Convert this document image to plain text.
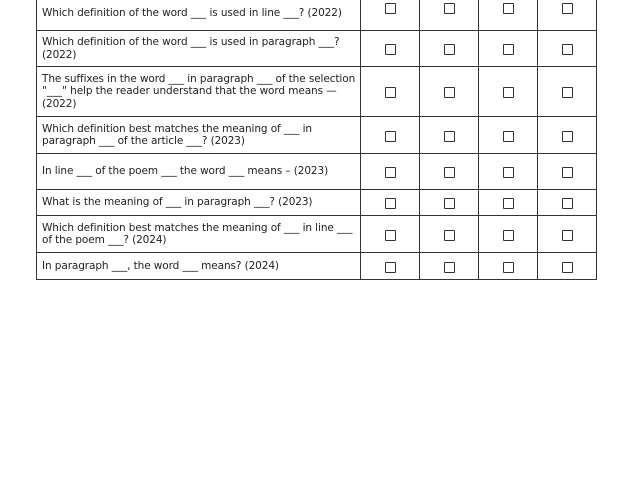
Which definition of the word ___ is used in line ___? (2022)				
Which definition of the word ___ is used in paragraph ___? (2022)				
The suffixes in the word ___ in paragraph ___ of the selection "___" help the reader understand that the word means — (2022)				
Which definition best matches the meaning of ___ in paragraph ___ of the article ___? (2023)				
In line ___ of the poem ___ the word ___ means – (2023)				
What is the meaning of ___ in paragraph ___? (2023)				
Which definition best matches the meaning of ___ in line ___ of the poem ___? (2024)				
In paragraph ___, the word ___ means? (2024)				
